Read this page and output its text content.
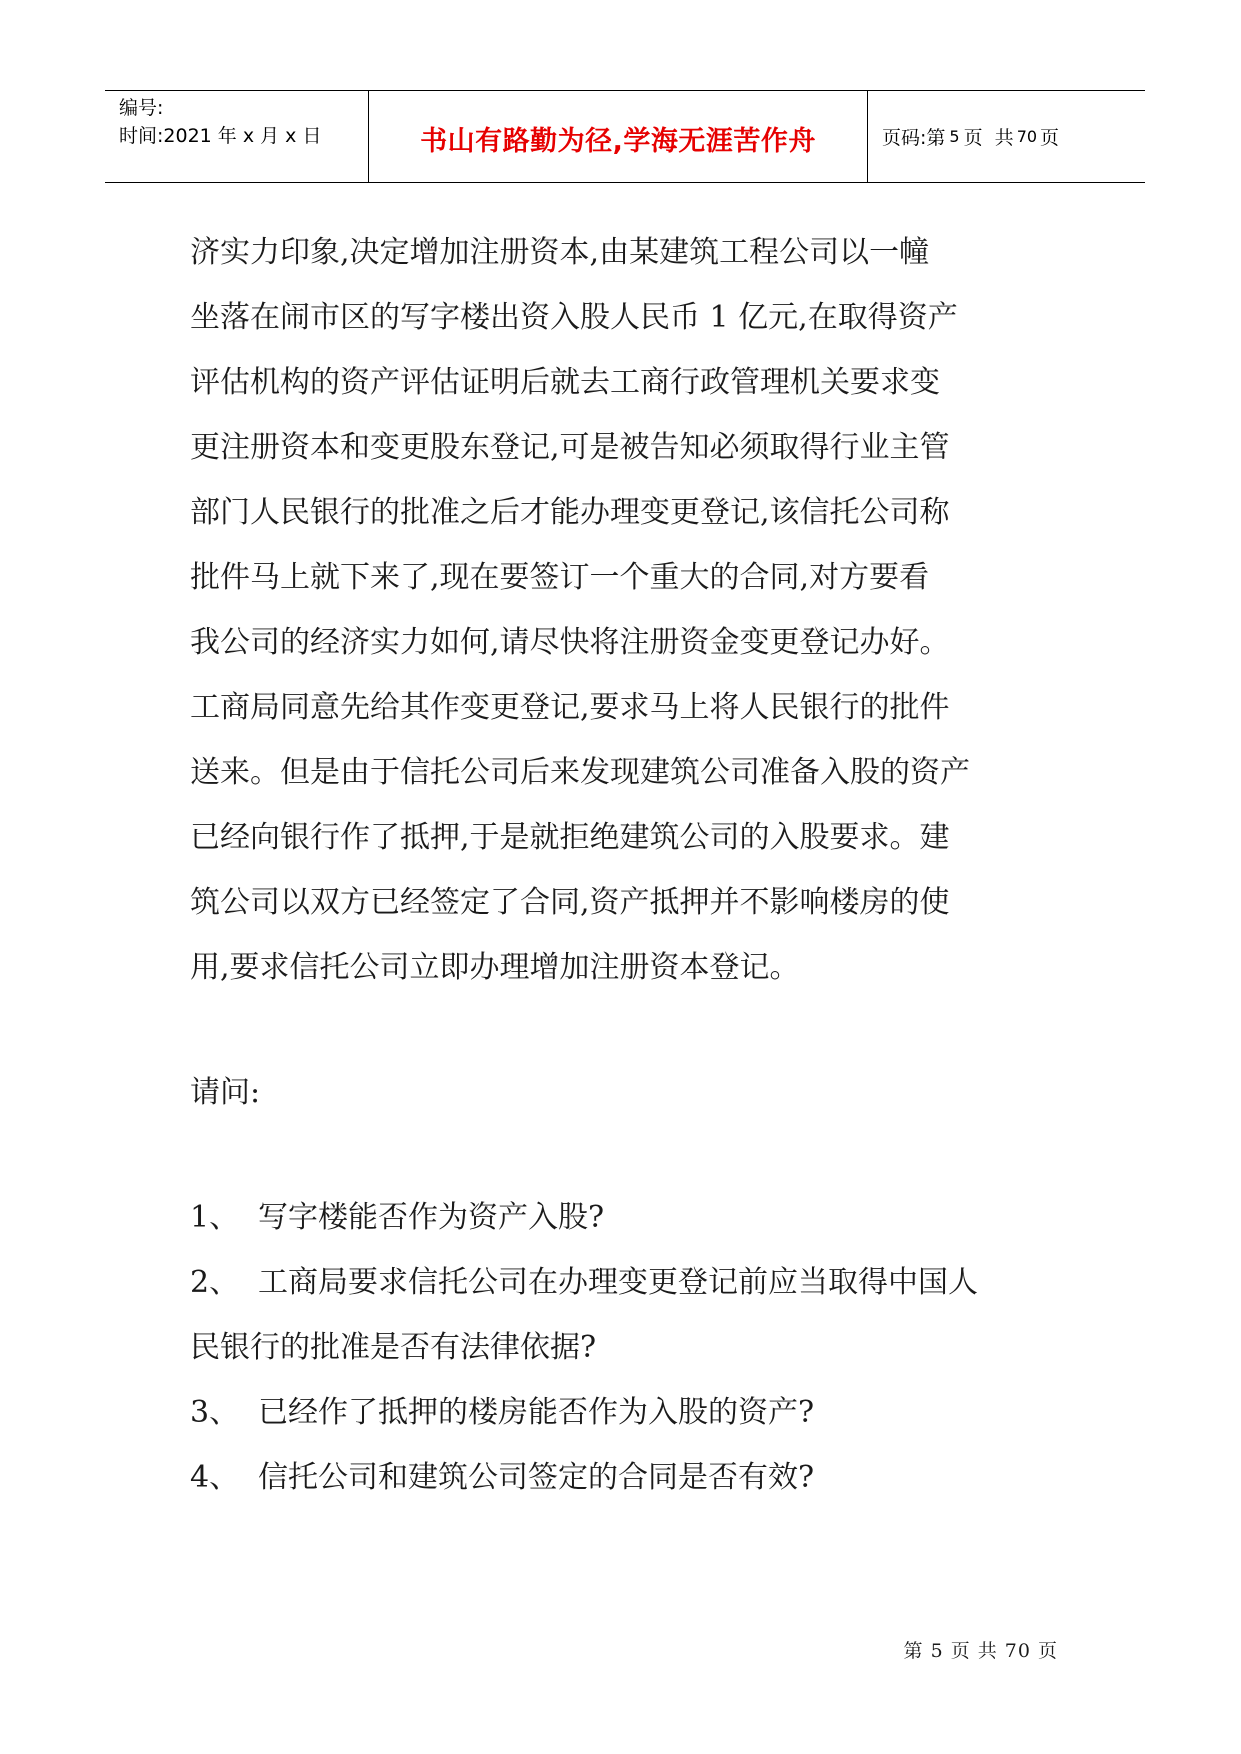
编号:
时间:2021 年 x 月 x 日	书山有路勤为径,学海无涯苦作舟	页码:第 5 页  共 70 页
济实力印象,决定增加注册资本,由某建筑工程公司以一幢
坐落在闹市区的写字楼出资入股人民币 1 亿元,在取得资产
评估机构的资产评估证明后就去工商行政管理机关要求变
更注册资本和变更股东登记,可是被告知必须取得行业主管
部门人民银行的批准之后才能办理变更登记,该信托公司称
批件马上就下来了,现在要签订一个重大的合同,对方要看
我公司的经济实力如何,请尽快将注册资金变更登记办好。
工商局同意先给其作变更登记,要求马上将人民银行的批件
送来。但是由于信托公司后来发现建筑公司准备入股的资产
已经向银行作了抵押,于是就拒绝建筑公司的入股要求。建
筑公司以双方已经签定了合同,资产抵押并不影响楼房的使
用,要求信托公司立即办理增加注册资本登记。
请问:
1、 写字楼能否作为资产入股?
2、 工商局要求信托公司在办理变更登记前应当取得中国人
民银行的批准是否有法律依据?
3、 已经作了抵押的楼房能否作为入股的资产?
4、 信托公司和建筑公司签定的合同是否有效?
第 5 页 共 70 页
